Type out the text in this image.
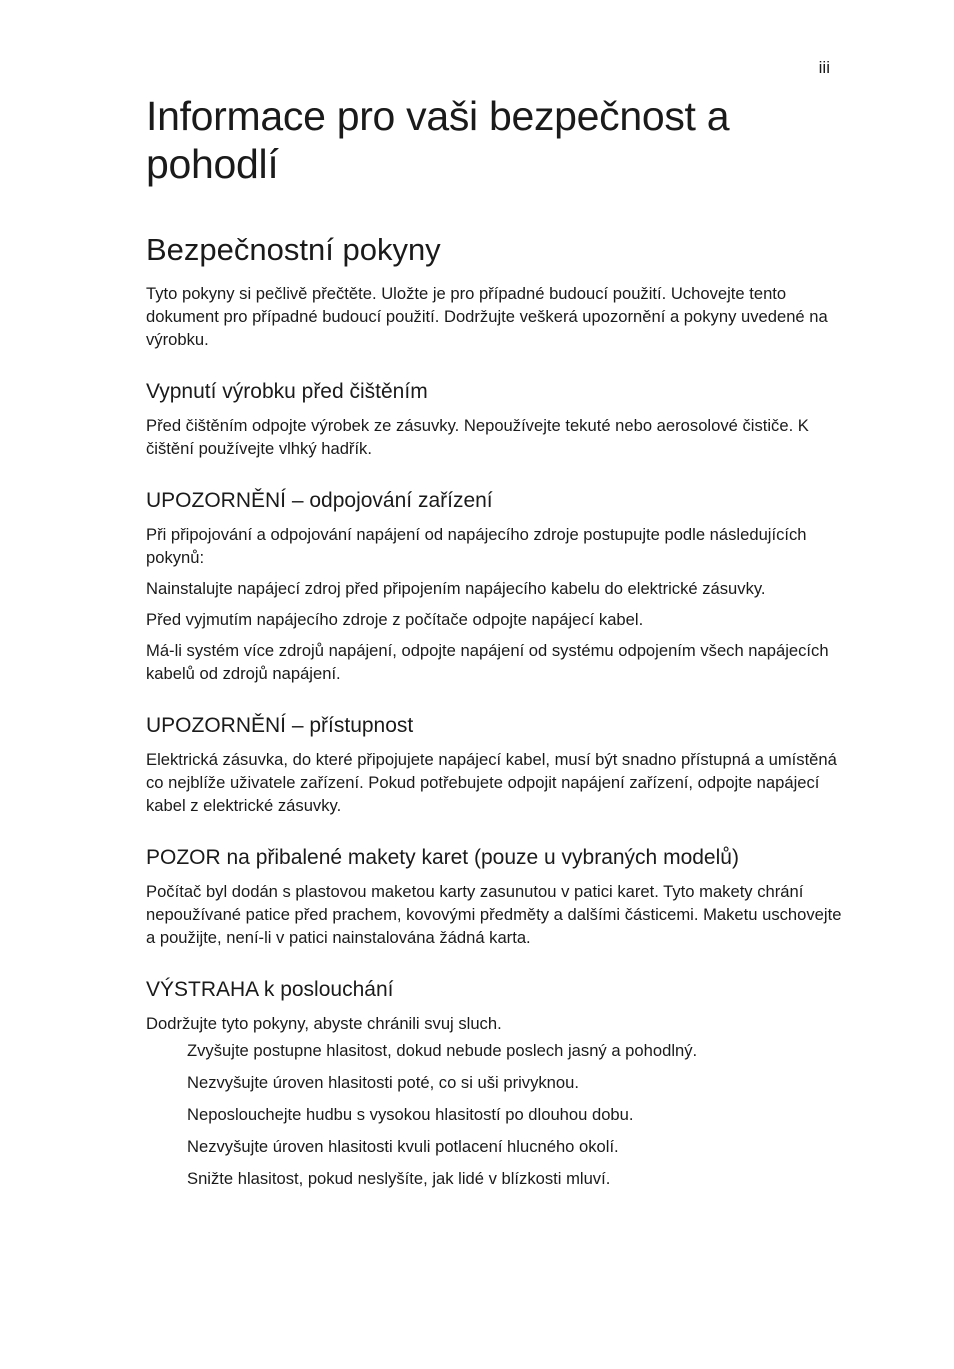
iii
Informace pro vaši bezpečnost a pohodlí
Bezpečnostní pokyny

Tyto pokyny si pečlivě přečtěte. Uložte je pro případné budoucí použití. Uchovejte tento dokument pro případné budoucí použití. Dodržujte veškerá upozornění a pokyny uvedené na výrobku.

Vypnutí výrobku před čištěním

Před čištěním odpojte výrobek ze zásuvky. Nepoužívejte tekuté nebo aerosolové čističe. K čištění používejte vlhký hadřík.

UPOZORNĚNÍ – odpojování zařízení

Při připojování a odpojování napájení od napájecího zdroje postupujte podle následujících pokynů:

Nainstalujte napájecí zdroj před připojením napájecího kabelu do elektrické zásuvky.

Před vyjmutím napájecího zdroje z počítače odpojte napájecí kabel.

Má-li systém více zdrojů napájení, odpojte napájení od systému odpojením všech napájecích kabelů od zdrojů napájení.

UPOZORNĚNÍ – přístupnost

Elektrická zásuvka, do které připojujete napájecí kabel, musí být snadno přístupná a umístěná co nejblíže uživatele zařízení. Pokud potřebujete odpojit napájení zařízení, odpojte napájecí kabel z elektrické zásuvky.

POZOR na přibalené makety karet (pouze u vybraných modelů)

Počítač byl dodán s plastovou maketou karty zasunutou v patici karet. Tyto makety chrání nepoužívané patice před prachem, kovovými předměty a dalšími částicemi. Maketu uschovejte a použijte, není-li v patici nainstalována žádná karta.

VÝSTRAHA k poslouchání

Dodržujte tyto pokyny, abyste chránili svuj sluch.

Zvyšujte postupne hlasitost, dokud nebude poslech jasný a pohodlný.
Nezvyšujte úroven hlasitosti poté, co si uši privyknou.
Neposlouchejte hudbu s vysokou hlasitostí po dlouhou dobu.
Nezvyšujte úroven hlasitosti kvuli potlacení hlucného okolí.
Snižte hlasitost, pokud neslyšíte, jak lidé v blízkosti mluví.
